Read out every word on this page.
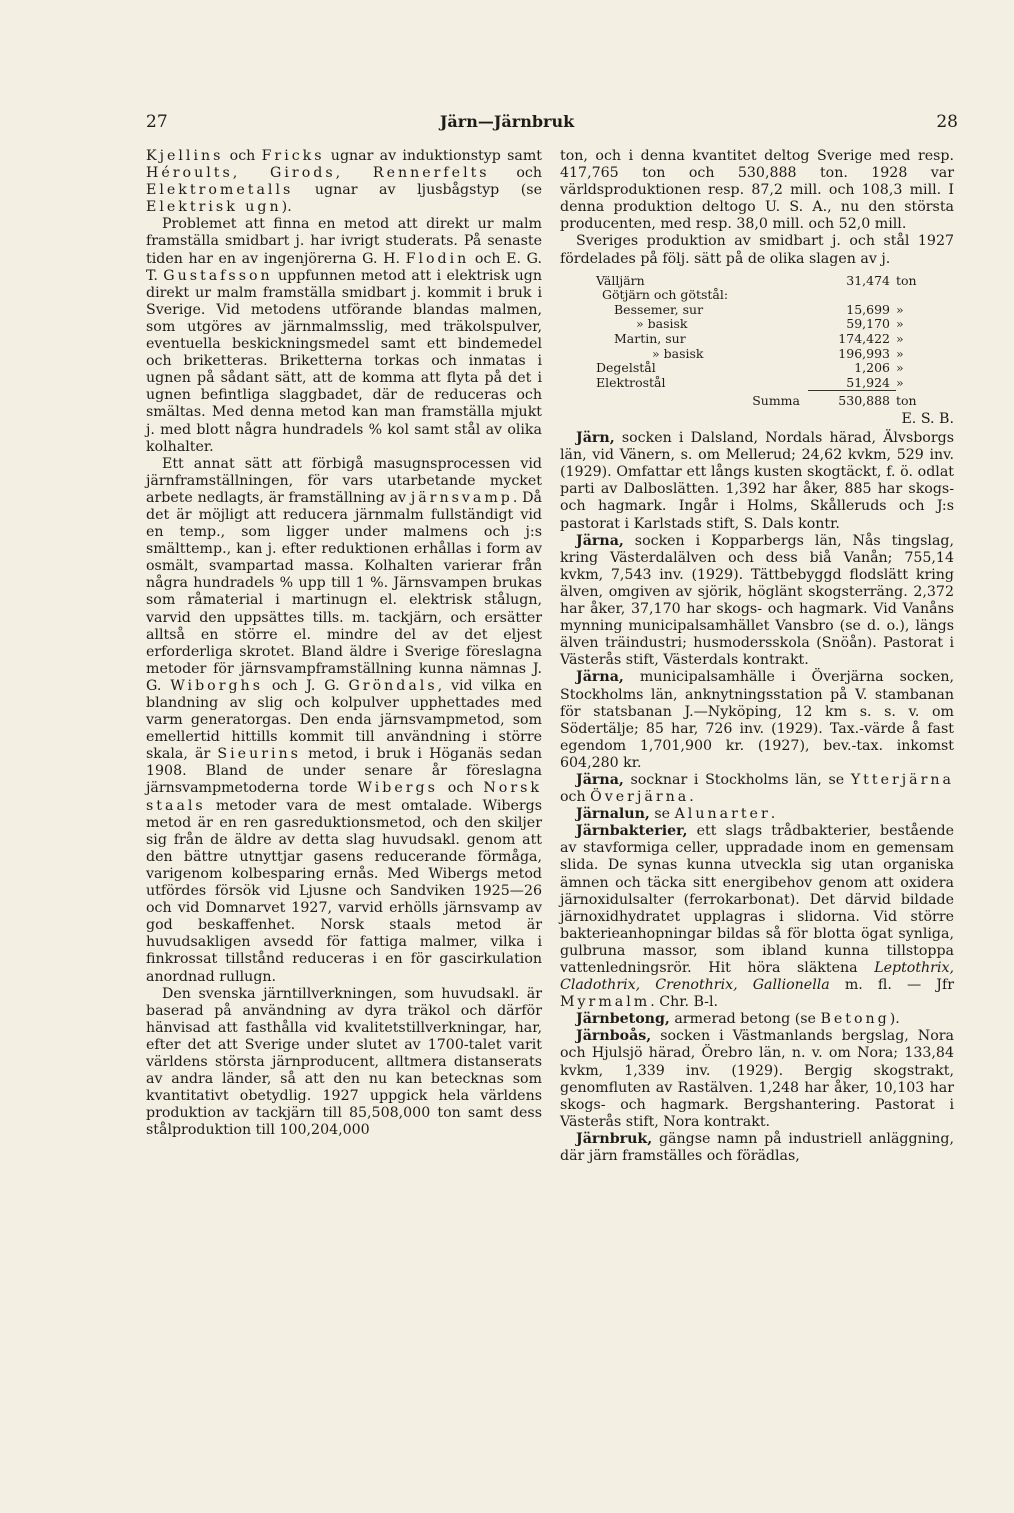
27	Järn—Järnbruk	28

Kjellins och Fricks ugnar av induktionstyp samt Héroults, Girods, Rennerfelts och Elektrometalls ugnar av ljusbågstyp (se Elektrisk ugn).

Problemet att finna en metod att direkt ur malm framställa smidbart j. har ivrigt studerats. På senaste tiden har en av ingenjörerna G. H. Flodin och E. G. T. Gustafsson uppfunnen metod att i elektrisk ugn direkt ur malm framställa smidbart j. kommit i bruk i Sverige. Vid metodens utförande blandas malmen, som utgöres av järnmalmsslig, med träkolspulver, eventuella beskickningsmedel samt ett bindemedel och briketteras. Briketterna torkas och inmatas i ugnen på sådant sätt, att de komma att flyta på det i ugnen befintliga slaggbadet, där de reduceras och smältas. Med denna metod kan man framställa mjukt j. med blott några hundradels % kol samt stål av olika kolhalter.

Ett annat sätt att förbigå masugnsprocessen vid järnframställningen, för vars utarbetande mycket arbete nedlagts, är framställning av järnsvamp. Då det är möjligt att reducera järnmalm fullständigt vid en temp., som ligger under malmens och j:s smälttemp., kan j. efter reduktionen erhållas i form av osmält, svampartad massa. Kolhalten varierar från några hundradels % upp till 1 %. Järnsvampen brukas som råmaterial i martinugn el. elektrisk stålugn, varvid den uppsättes tills. m. tackjärn, och ersätter alltså en större el. mindre del av det eljest erforderliga skrotet. Bland äldre i Sverige föreslagna metoder för järnsvampframställning kunna nämnas J. G. Wiborghs och J. G. Gröndals, vid vilka en blandning av slig och kolpulver upphettades med varm generatorgas. Den enda järnsvampmetod, som emellertid hittills kommit till användning i större skala, är Sieurins metod, i bruk i Höganäs sedan 1908. Bland de under senare år föreslagna järnsvampmetoderna torde Wibergs och Norsk staals metoder vara de mest omtalade. Wibergs metod är en ren gasreduktionsmetod, och den skiljer sig från de äldre av detta slag huvudsakl. genom att den bättre utnyttjar gasens reducerande förmåga, varigenom kolbesparing ernås. Med Wibergs metod utfördes försök vid Ljusne och Sandviken 1925—26 och vid Domnarvet 1927, varvid erhölls järnsvamp av god beskaffenhet. Norsk staals metod är huvudsakligen avsedd för fattiga malmer, vilka i finkrossat tillstånd reduceras i en för gascirkulation anordnad rullugn.

Den svenska järntillverkningen, som huvudsakl. är baserad på användning av dyra träkol och därför hänvisad att fasthålla vid kvalitetstillverkningar, har, efter det att Sverige under slutet av 1700-talet varit världens största järnproducent, alltmera distanserats av andra länder, så att den nu kan betecknas som kvantitativt obetydlig. 1927 uppgick hela världens produktion av tackjärn till 85,508,000 ton samt dess stålproduktion till 100,204,000

ton, och i denna kvantitet deltog Sverige med resp. 417,765 ton och 530,888 ton. 1928 var världsproduktionen resp. 87,2 mill. och 108,3 mill. I denna produktion deltogo U. S. A., nu den största producenten, med resp. 38,0 mill. och 52,0 mill.

Sveriges produktion av smidbart j. och stål 1927 fördelades på följ. sätt på de olika slagen av j.

Välljärn	31,474	ton
Götjärn och götstål:		
Bessemer, sur	15,699	»
» basisk	59,170	»
Martin, sur	174,422	»
» basisk	196,993	»
Degelstål	1,206	»
Elektrostål	51,924	»
Summa	530,888	ton
E. S. B.

Järn, socken i Dalsland, Nordals härad, Älvsborgs län, vid Vänern, s. om Mellerud; 24,62 kvkm, 529 inv. (1929). Omfattar ett långs kusten skogtäckt, f. ö. odlat parti av Dalboslätten. 1,392 har åker, 885 har skogs- och hagmark. Ingår i Holms, Skålleruds och J:s pastorat i Karlstads stift, S. Dals kontr.

Järna, socken i Kopparbergs län, Nås tingslag, kring Västerdalälven och dess biå Vanån; 755,14 kvkm, 7,543 inv. (1929). Tättbebyggd flodslätt kring älven, omgiven av sjörik, höglänt skogsterräng. 2,372 har åker, 37,170 har skogs- och hagmark. Vid Vanåns mynning municipalsamhället Vansbro (se d. o.), längs älven träindustri; husmodersskola (Snöån). Pastorat i Västerås stift, Västerdals kontrakt.

Järna, municipalsamhälle i Överjärna socken, Stockholms län, anknytningsstation på V. stambanan för statsbanan J.—Nyköping, 12 km s. s. v. om Södertälje; 85 har, 726 inv. (1929). Tax.-värde å fast egendom 1,701,900 kr. (1927), bev.-tax. inkomst 604,280 kr.

Järna, socknar i Stockholms län, se Ytterjärna och Överjärna.

Järnalun, se Alunarter.

Järnbakterier, ett slags trådbakterier, bestående av stavformiga celler, uppradade inom en gemensam slida. De synas kunna utveckla sig utan organiska ämnen och täcka sitt energibehov genom att oxidera järnoxidulsalter (ferrokarbonat). Det därvid bildade järnoxidhydratet upplagras i slidorna. Vid större bakterieanhopningar bildas så för blotta ögat synliga, gulbruna massor, som ibland kunna tillstoppa vattenledningsrör. Hit höra släktena Leptothrix, Cladothrix, Crenothrix, Gallionella m. fl. — Jfr Myrmalm. Chr. B-l.

Järnbetong, armerad betong (se Betong).

Järnboås, socken i Västmanlands bergslag, Nora och Hjulsjö härad, Örebro län, n. v. om Nora; 133,84 kvkm, 1,339 inv. (1929). Bergig skogstrakt, genomfluten av Rastälven. 1,248 har åker, 10,103 har skogs- och hagmark. Bergshantering. Pastorat i Västerås stift, Nora kontrakt.

Järnbruk, gängse namn på industriell anläggning, där järn framställes och förädlas,
